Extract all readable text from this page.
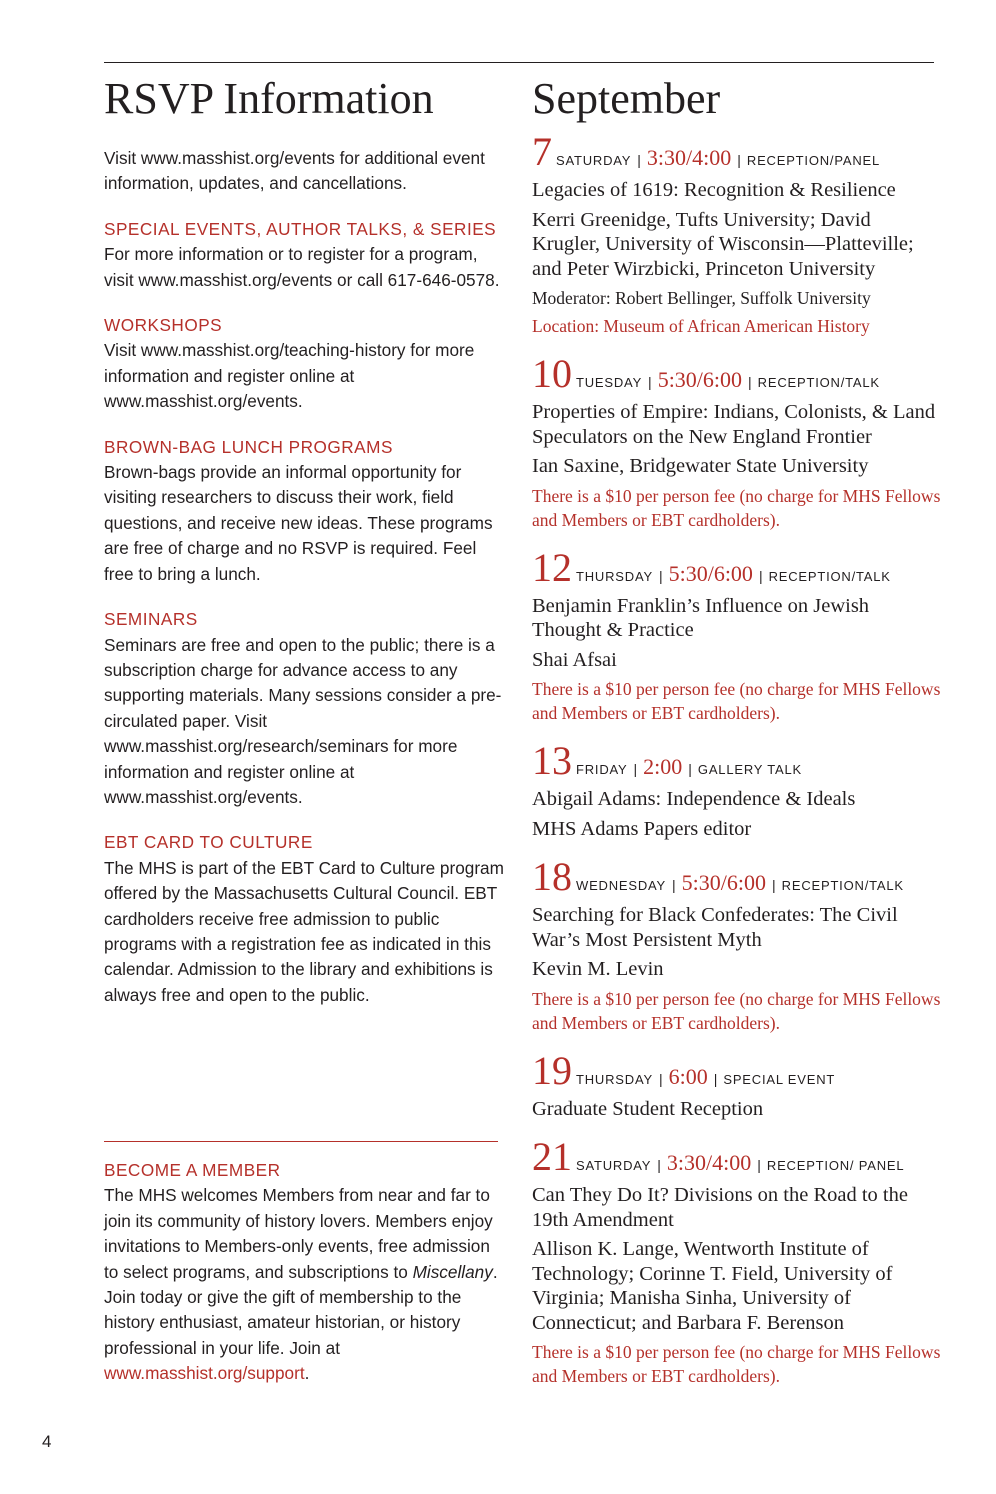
RSVP Information

Visit www.masshist.org/events for additional event information, updates, and cancellations.

SPECIAL EVENTS, AUTHOR TALKS, & SERIES
For more information or to register for a program, visit www.masshist.org/events or call 617-646-0578.
WORKSHOPS
Visit www.masshist.org/teaching-history for more information and register online at www.masshist.org/events.
BROWN-BAG LUNCH PROGRAMS
Brown-bags provide an informal opportunity for visiting researchers to discuss their work, field questions, and receive new ideas. These programs are free of charge and no RSVP is required. Feel free to bring a lunch.
SEMINARS
Seminars are free and open to the public; there is a subscription charge for advance access to any supporting materials. Many sessions consider a pre-circulated paper. Visit www.masshist.org/research/seminars for more information and register online at www.masshist.org/events.
EBT CARD TO CULTURE
The MHS is part of the EBT Card to Culture program offered by the Massachusetts Cultural Council. EBT cardholders receive free admission to public programs with a registration fee as indicated in this calendar. Admission to the library and exhibitions is always free and open to the public.
BECOME A MEMBER
The MHS welcomes Members from near and far to join its community of history lovers. Members enjoy invitations to Members-only events, free admission to select programs, and subscriptions to Miscellany. Join today or give the gift of membership to the history enthusiast, amateur historian, or history professional in your life. Join at www.masshist.org/support.
September
7 SATURDAY | 3:30/4:00 | RECEPTION/PANEL
Legacies of 1619: Recognition & Resilience
Kerri Greenidge, Tufts University; David Krugler, University of Wisconsin—Platteville; and Peter Wirzbicki, Princeton University
Moderator: Robert Bellinger, Suffolk University
Location: Museum of African American History
10 TUESDAY | 5:30/6:00 | RECEPTION/TALK
Properties of Empire: Indians, Colonists, & Land Speculators on the New England Frontier
Ian Saxine, Bridgewater State University
There is a $10 per person fee (no charge for MHS Fellows and Members or EBT cardholders).
12 THURSDAY | 5:30/6:00 | RECEPTION/TALK
Benjamin Franklin’s Influence on Jewish Thought & Practice
Shai Afsai
There is a $10 per person fee (no charge for MHS Fellows and Members or EBT cardholders).
13 FRIDAY | 2:00 | GALLERY TALK
Abigail Adams: Independence & Ideals
MHS Adams Papers editor
18 WEDNESDAY | 5:30/6:00 | RECEPTION/TALK
Searching for Black Confederates: The Civil War’s Most Persistent Myth
Kevin M. Levin
There is a $10 per person fee (no charge for MHS Fellows and Members or EBT cardholders).
19 THURSDAY | 6:00 | SPECIAL EVENT
Graduate Student Reception
21 SATURDAY | 3:30/4:00 | RECEPTION/ PANEL
Can They Do It? Divisions on the Road to the 19th Amendment
Allison K. Lange, Wentworth Institute of Technology; Corinne T. Field, University of Virginia; Manisha Sinha, University of Connecticut; and Barbara F. Berenson
There is a $10 per person fee (no charge for MHS Fellows and Members or EBT cardholders).
4
